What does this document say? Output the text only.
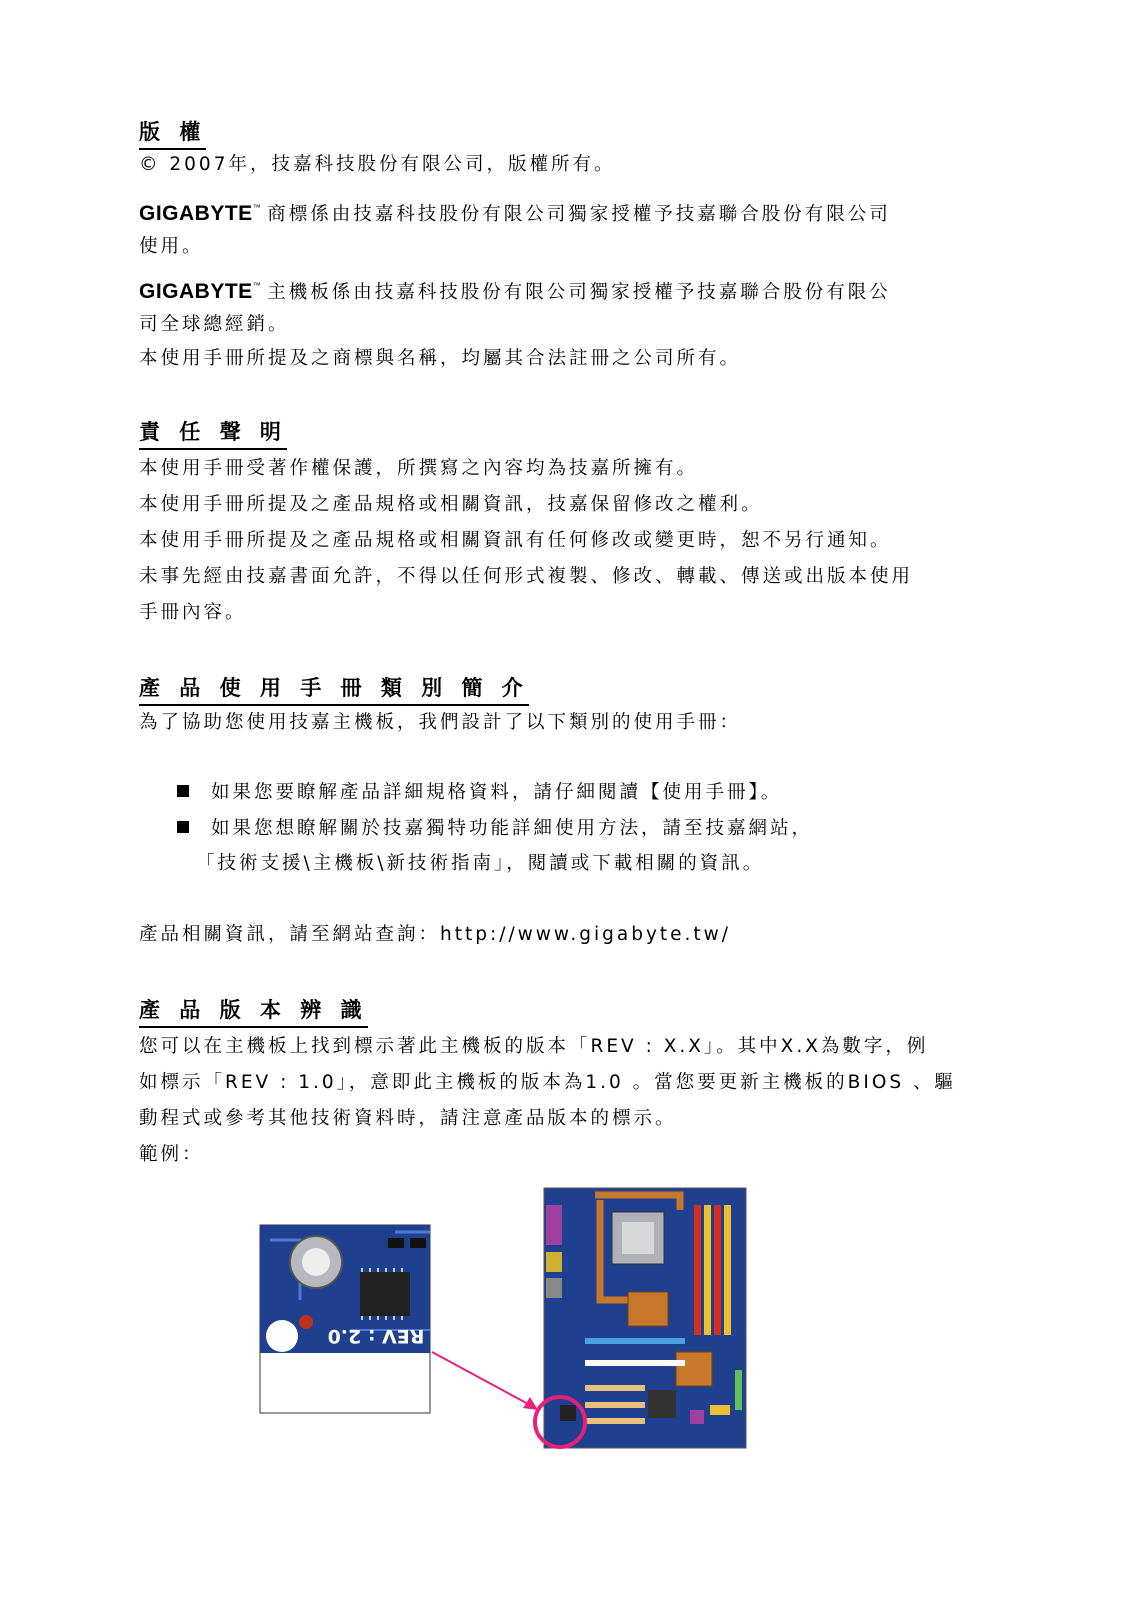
版 權
© 2007年，技嘉科技股份有限公司，版權所有。
GIGABYTE™ 商標係由技嘉科技股份有限公司獨家授權予技嘉聯合股份有限公司
使用。
GIGABYTE™ 主機板係由技嘉科技股份有限公司獨家授權予技嘉聯合股份有限公
司全球總經銷。
本使用手冊所提及之商標與名稱，均屬其合法註冊之公司所有。
責 任 聲 明
本使用手冊受著作權保護，所撰寫之內容均為技嘉所擁有。
本使用手冊所提及之產品規格或相關資訊，技嘉保留修改之權利。
本使用手冊所提及之產品規格或相關資訊有任何修改或變更時，恕不另行通知。
未事先經由技嘉書面允許，不得以任何形式複製、修改、轉載、傳送或出版本使用
手冊內容。
產 品 使 用 手 冊 類 別 簡 介
為了協助您使用技嘉主機板，我們設計了以下類別的使用手冊：
如果您要瞭解產品詳細規格資料，請仔細閱讀【使用手冊】。
如果您想瞭解關於技嘉獨特功能詳細使用方法，請至技嘉網站，
「技術支援\主機板\新技術指南」，閱讀或下載相關的資訊。
產品相關資訊，請至網站查詢：http://www.gigabyte.tw/
產 品 版 本 辨 識
您可以在主機板上找到標示著此主機板的版本「REV : X.X」。其中X.X為數字，例
如標示「REV : 1.0」，意即此主機板的版本為1.0 。當您要更新主機板的BIOS 、驅
動程式或參考其他技術資料時，請注意產品版本的標示。
範例：
REV : 2.0
